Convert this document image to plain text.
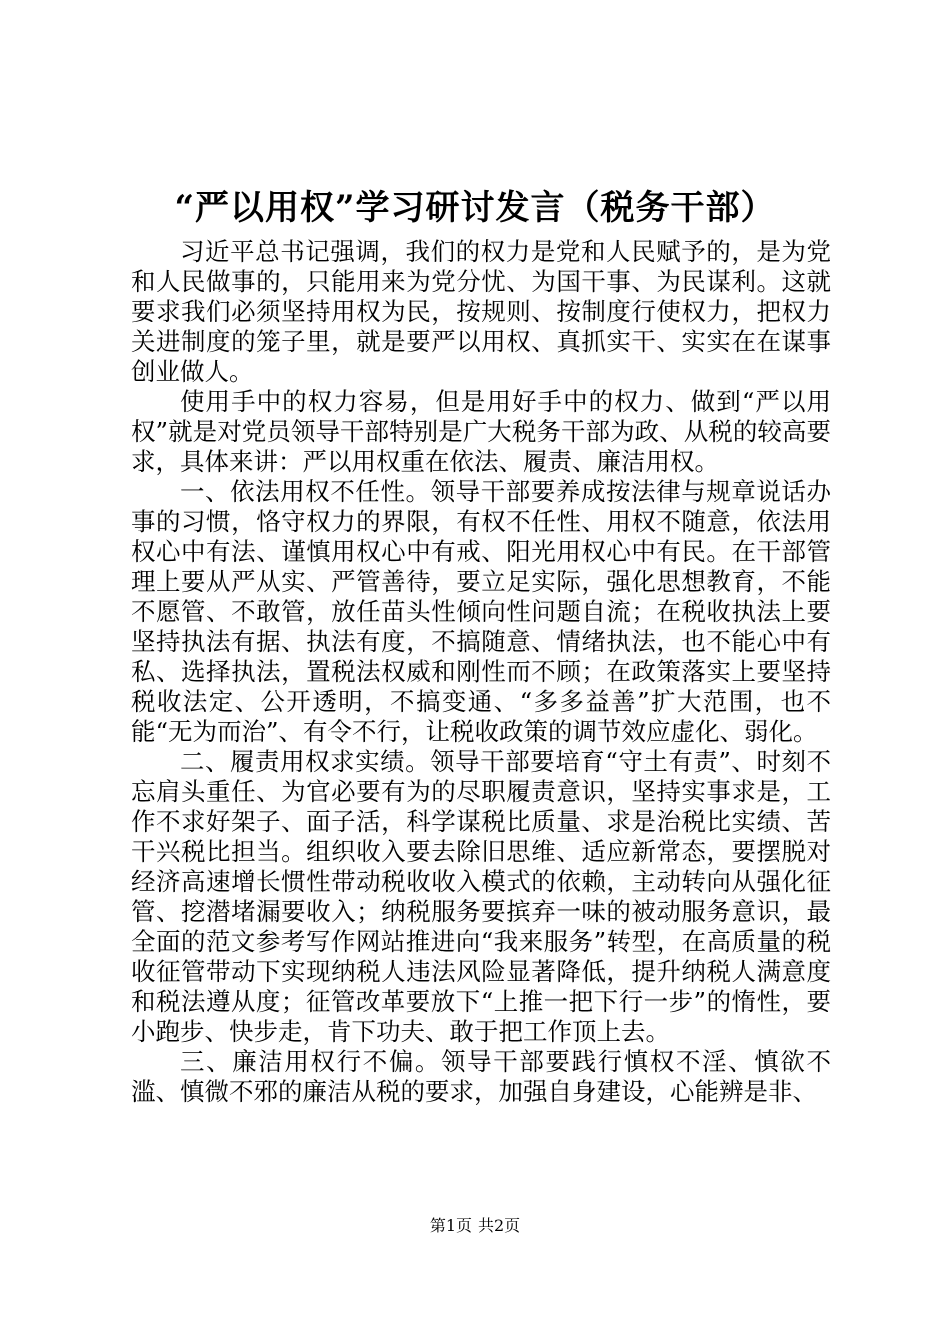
“严以用权”学习研讨发言（税务干部）

习近平总书记强调，我们的权力是党和人民赋予的，是为党和人民做事的，只能用来为党分忧、为国干事、为民谋利。这就要求我们必须坚持用权为民，按规则、按制度行使权力，把权力关进制度的笼子里，就是要严以用权、真抓实干、实实在在谋事创业做人。

使用手中的权力容易，但是用好手中的权力、做到“严以用权”就是对党员领导干部特别是广大税务干部为政、从税的较高要求，具体来讲：严以用权重在依法、履责、廉洁用权。

一、依法用权不任性。领导干部要养成按法律与规章说话办事的习惯，恪守权力的界限，有权不任性、用权不随意，依法用权心中有法、谨慎用权心中有戒、阳光用权心中有民。在干部管理上要从严从实、严管善待，要立足实际，强化思想教育，不能不愿管、不敢管，放任苗头性倾向性问题自流；在税收执法上要坚持执法有据、执法有度，不搞随意、情绪执法，也不能心中有私、选择执法，置税法权威和刚性而不顾；在政策落实上要坚持税收法定、公开透明，不搞变通、“多多益善”扩大范围，也不能“无为而治”、有令不行，让税收政策的调节效应虚化、弱化。

二、履责用权求实绩。领导干部要培育“守土有责”、时刻不忘肩头重任、为官必要有为的尽职履责意识，坚持实事求是，工作不求好架子、面子活，科学谋税比质量、求是治税比实绩、苦干兴税比担当。组织收入要去除旧思维、适应新常态，要摆脱对经济高速增长惯性带动税收收入模式的依赖，主动转向从强化征管、挖潜堵漏要收入；纳税服务要摈弃一味的被动服务意识，最全面的范文参考写作网站推进向“我来服务”转型，在高质量的税收征管带动下实现纳税人违法风险显著降低，提升纳税人满意度和税法遵从度；征管改革要放下“上推一把下行一步”的惰性，要小跑步、快步走，肯下功夫、敢于把工作顶上去。

三、廉洁用权行不偏。领导干部要践行慎权不淫、慎欲不滥、慎微不邪的廉洁从税的要求，加强自身建设，心能辨是非、

第1页 共2页
